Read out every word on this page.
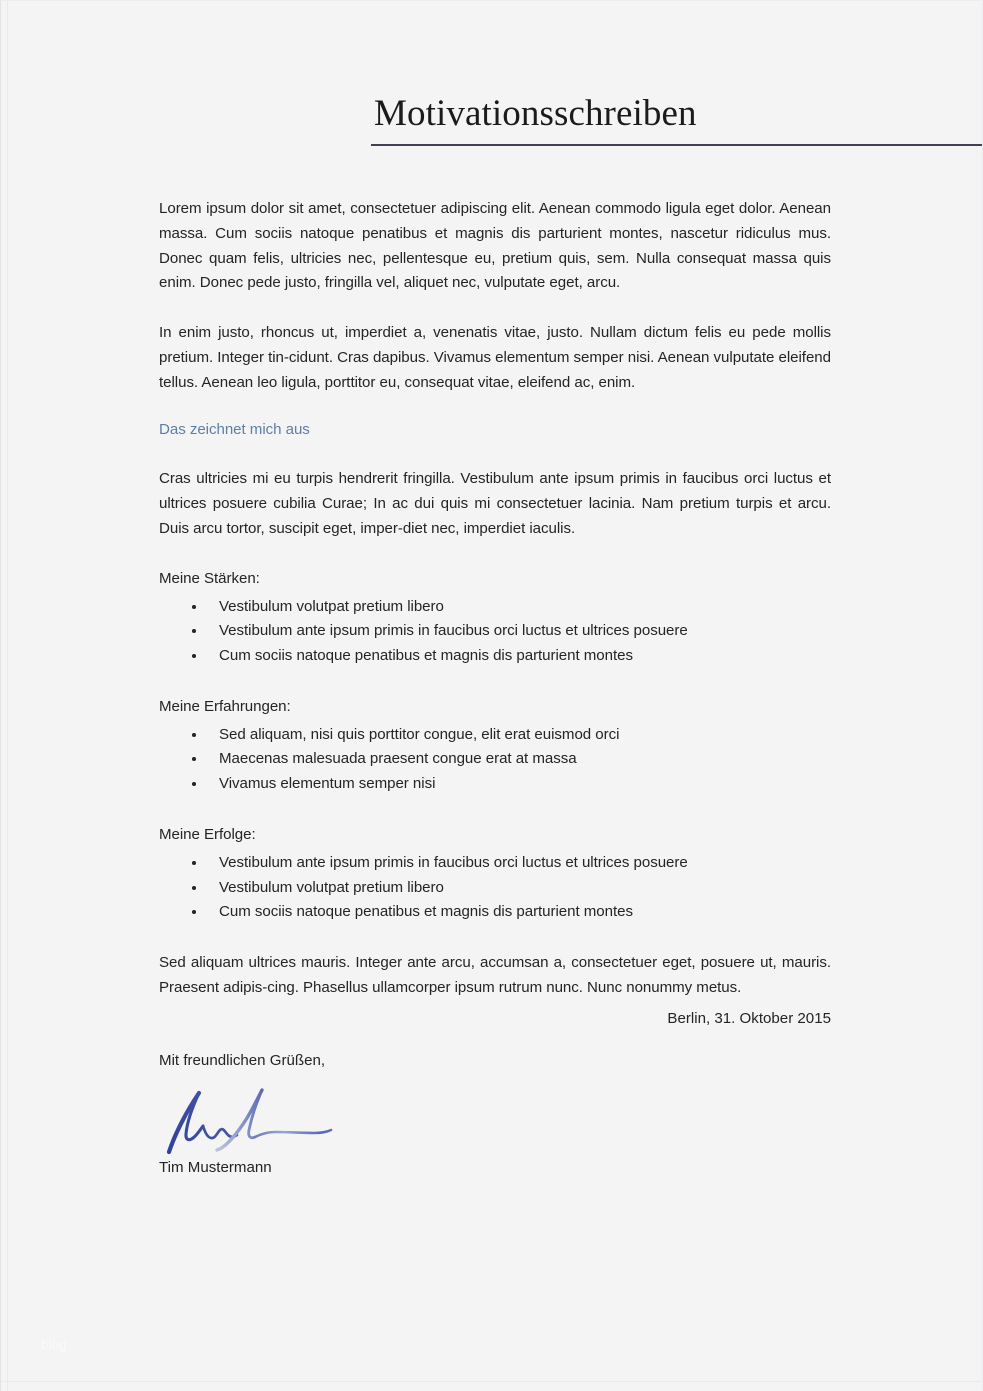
Motivationsschreiben

Lorem ipsum dolor sit amet, consectetuer adipiscing elit. Aenean commodo ligula eget dolor. Aenean massa. Cum sociis natoque penatibus et magnis dis parturient montes, nascetur ridiculus mus. Donec quam felis, ultricies nec, pellentesque eu, pretium quis, sem. Nulla consequat massa quis enim. Donec pede justo, fringilla vel, aliquet nec, vulputate eget, arcu.

In enim justo, rhoncus ut, imperdiet a, venenatis vitae, justo. Nullam dictum felis eu pede mollis pretium. Integer tin-cidunt. Cras dapibus. Vivamus elementum semper nisi. Aenean vulputate eleifend tellus. Aenean leo ligula, porttitor eu, consequat vitae, eleifend ac, enim.

Das zeichnet mich aus

Cras ultricies mi eu turpis hendrerit fringilla. Vestibulum ante ipsum primis in faucibus orci luctus et ultrices posuere cubilia Curae; In ac dui quis mi consectetuer lacinia. Nam pretium turpis et arcu. Duis arcu tortor, suscipit eget, imper-diet nec, imperdiet iaculis.

Meine Stärken:

Vestibulum volutpat pretium libero
Vestibulum ante ipsum primis in faucibus orci luctus et ultrices posuere
Cum sociis natoque penatibus et magnis dis parturient montes

Meine Erfahrungen:

Sed aliquam, nisi quis porttitor congue, elit erat euismod orci
Maecenas malesuada praesent congue erat at massa
Vivamus elementum semper nisi

Meine Erfolge:

Vestibulum ante ipsum primis in faucibus orci luctus et ultrices posuere
Vestibulum volutpat pretium libero
Cum sociis natoque penatibus et magnis dis parturient montes

Sed aliquam ultrices mauris. Integer ante arcu, accumsan a, consectetuer eget, posuere ut, mauris. Praesent adipis-cing. Phasellus ullamcorper ipsum rutrum nunc. Nunc nonummy metus.

Berlin, 31. Oktober 2015

Mit freundlichen Grüßen,

Tim Mustermann

blog
